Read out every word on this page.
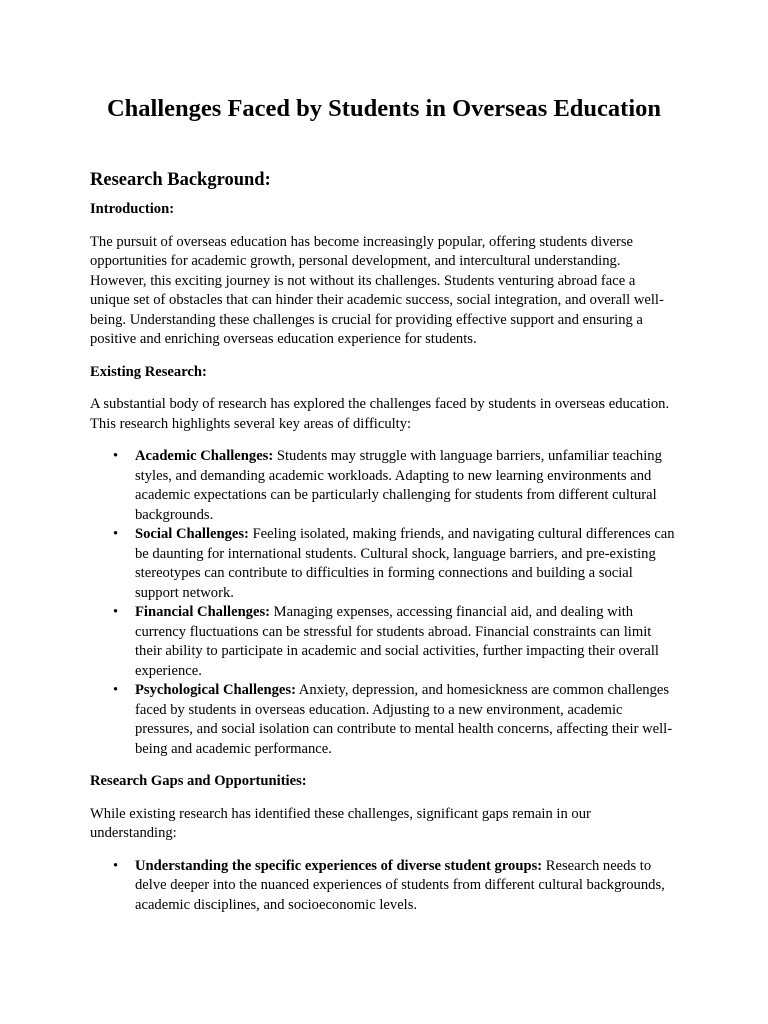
Challenges Faced by Students in Overseas Education
Research Background:
Introduction:

The pursuit of overseas education has become increasingly popular, offering students diverse opportunities for academic growth, personal development, and intercultural understanding. However, this exciting journey is not without its challenges. Students venturing abroad face a unique set of obstacles that can hinder their academic success, social integration, and overall well-being. Understanding these challenges is crucial for providing effective support and ensuring a positive and enriching overseas education experience for students.

Existing Research:

A substantial body of research has explored the challenges faced by students in overseas education. This research highlights several key areas of difficulty:

• Academic Challenges: Students may struggle with language barriers, unfamiliar teaching styles, and demanding academic workloads. Adapting to new learning environments and academic expectations can be particularly challenging for students from different cultural backgrounds.
• Social Challenges: Feeling isolated, making friends, and navigating cultural differences can be daunting for international students. Cultural shock, language barriers, and pre-existing stereotypes can contribute to difficulties in forming connections and building a social support network.
• Financial Challenges: Managing expenses, accessing financial aid, and dealing with currency fluctuations can be stressful for students abroad. Financial constraints can limit their ability to participate in academic and social activities, further impacting their overall experience.
• Psychological Challenges: Anxiety, depression, and homesickness are common challenges faced by students in overseas education. Adjusting to a new environment, academic pressures, and social isolation can contribute to mental health concerns, affecting their well-being and academic performance.
Research Gaps and Opportunities:

While existing research has identified these challenges, significant gaps remain in our understanding:

• Understanding the specific experiences of diverse student groups: Research needs to delve deeper into the nuanced experiences of students from different cultural backgrounds, academic disciplines, and socioeconomic levels.
